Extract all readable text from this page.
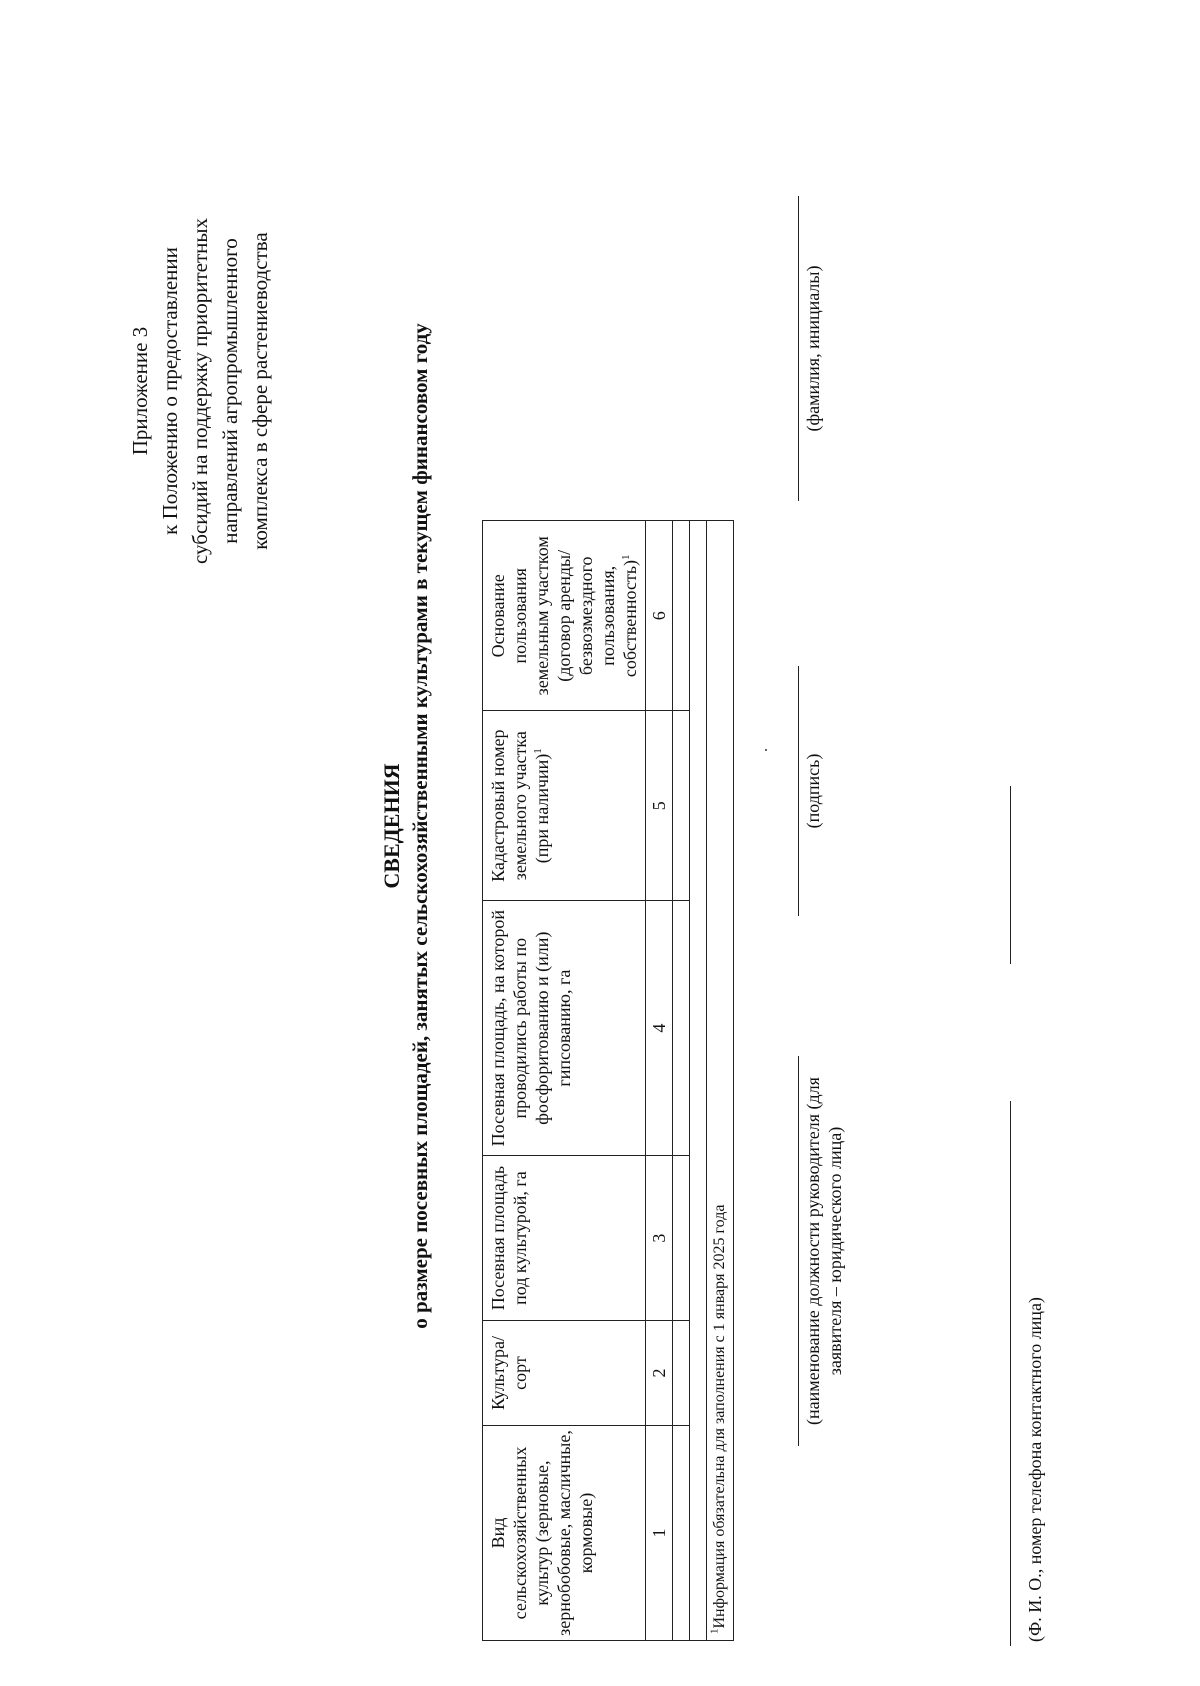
Приложение 3 к Положению о предоставлении субсидий на поддержку приоритетных направлений агропромышленного комплекса в сфере растениеводства
СВЕДЕНИЯ о размере посевных площадей, занятых сельскохозяйственными культурами в текущем финансовом году
Вид сельскохозяйственных культур (зерновые, зернобобовые, масличные, кормовые)	Культура/ сорт	Посевная площадь под культурой, га	Посевная площадь, на которой проводились работы по фосфоритованию и (или) гипсованию, га	Кадастровый номер земельного участка (при наличии)$^1$	Основание пользования земельным участком (договор аренды/ безвозмездного пользования, собственность)$^1$	
1	2	3	4	5	6	

$^1$Информация обязательна для заполнения с 1 января 2025 года							(наименование должности руководителя (для заявителя – юридического лица)
(подпись)
(фамилия, инициалы)
(Ф. И. О., номер телефона контактного лица)
